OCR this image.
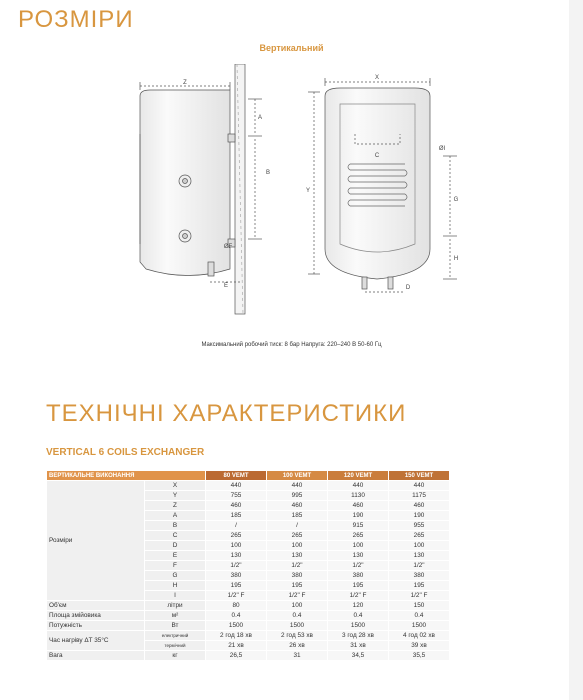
РОЗМІРИ
Вертикальний
Z
A
B
ØF
E
X
C
ØI
Y
G
H
D
Максимальний робочий тиск: 8 бар Напруга: 220–240 В 50-60 Гц
ТЕХНІЧНІ ХАРАКТЕРИСТИКИ
VERTICAL 6 COILS EXCHANGER
ВЕРТИКАЛЬНЕ ВИКОНАННЯ		80 VEMT	100 VEMT	120 VEMT	150 VEMT
Розміри	X	440	440	440	440
	Y	755	995	1130	1175
	Z	460	460	460	460
	A	185	185	190	190
	B	/	/	915	955
	C	265	265	265	265
	D	100	100	100	100
	E	130	130	130	130
	F	1/2"	1/2"	1/2"	1/2"
	G	380	380	380	380
	H	195	195	195	195
	I	1/2" F	1/2" F	1/2" F	1/2" F
Об'єм	літри	80	100	120	150
Площа змійовика	м²	0.4	0.4	0.4	0.4
Потужність	Вт	1500	1500	1500	1500
Час нагріву ΔT 35°C	електричний	2 год 18 хв	2 год 53 хв	3 год 28 хв	4 год 02 хв
	термічний	21 хв	26 хв	31 хв	39 хв
Вага	кг	26,5	31	34,5	35,5
